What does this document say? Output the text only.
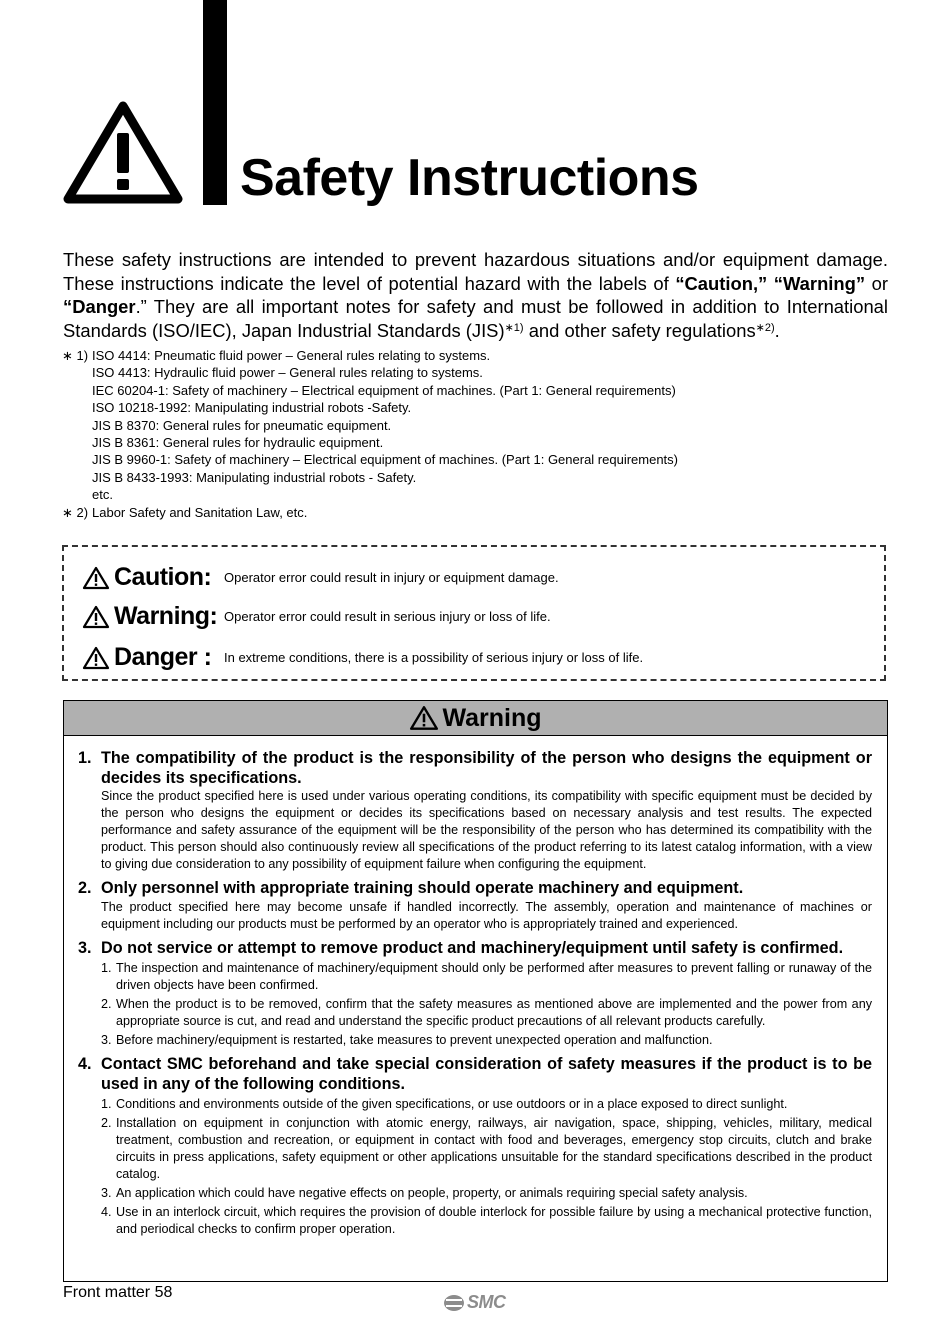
Safety Instructions
These safety instructions are intended to prevent hazardous situations and/or equipment damage. These instructions indicate the level of potential hazard with the labels of “Caution,” “Warning” or “Danger.” They are all important notes for safety and must be followed in addition to International Standards (ISO/IEC), Japan Industrial Standards (JIS)$^{∗1)}$ and other safety regulations$^{∗2)}$.
∗ 1) ISO 4414: Pneumatic fluid power – General rules relating to systems.
ISO 4413: Hydraulic fluid power – General rules relating to systems.
IEC 60204-1: Safety of machinery – Electrical equipment of machines. (Part 1: General requirements)
ISO 10218-1992: Manipulating industrial robots -Safety.
JIS B 8370: General rules for pneumatic equipment.
JIS B 8361: General rules for hydraulic equipment.
JIS B 9960-1: Safety of machinery – Electrical equipment of machines. (Part 1: General requirements)
JIS B 8433-1993: Manipulating industrial robots - Safety.
etc.
∗ 2) Labor Safety and Sanitation Law, etc.
Caution: Operator error could result in injury or equipment damage.
Warning: Operator error could result in serious injury or loss of life.
Danger : In extreme conditions, there is a possibility of serious injury or loss of life.
Warning
1. The compatibility of the product is the responsibility of the person who designs the equipment or decides its specifications.
Since the product specified here is used under various operating conditions, its compatibility with specific equipment must be decided by the person who designs the equipment or decides its specifications based on necessary analysis and test results. The expected performance and safety assurance of the equipment will be the responsibility of the person who has determined its compatibility with the product. This person should also continuously review all specifications of the product referring to its latest catalog information, with a view to giving due consideration to any possibility of equipment failure when configuring the equipment.
2. Only personnel with appropriate training should operate machinery and equipment.
The product specified here may become unsafe if handled incorrectly. The assembly, operation and maintenance of machines or equipment including our products must be performed by an operator who is appropriately trained and experienced.
3. Do not service or attempt to remove product and machinery/equipment until safety is confirmed.
1. The inspection and maintenance of machinery/equipment should only be performed after measures to prevent falling or runaway of the driven objects have been confirmed.
2. When the product is to be removed, confirm that the safety measures as mentioned above are implemented and the power from any appropriate source is cut, and read and understand the specific product precautions of all relevant products carefully.
3. Before machinery/equipment is restarted, take measures to prevent unexpected operation and malfunction.
4. Contact SMC beforehand and take special consideration of safety measures if the product is to be used in any of the following conditions.
1. Conditions and environments outside of the given specifications, or use outdoors or in a place exposed to direct sunlight.
2. Installation on equipment in conjunction with atomic energy, railways, air navigation, space, shipping, vehicles, military, medical treatment, combustion and recreation, or equipment in contact with food and beverages, emergency stop circuits, clutch and brake circuits in press applications, safety equipment or other applications unsuitable for the standard specifications described in the product catalog.
3. An application which could have negative effects on people, property, or animals requiring special safety analysis.
4. Use in an interlock circuit, which requires the provision of double interlock for possible failure by using a mechanical protective function, and periodical checks to confirm proper operation.
Front matter 58	SMC
